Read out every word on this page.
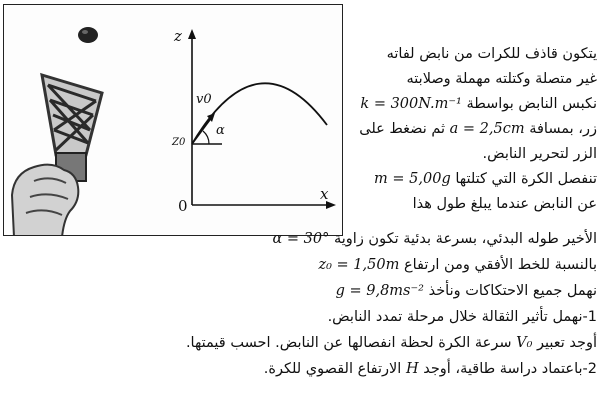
z
x
0
v0
α
Z0
يتكون قاذف للكرات من نابض لفاته
غير متصلة وكتلته مهملة وصلابته
نكبس النابض بواسطة k = 300N.m⁻¹
زر، بمسافة a = 2,5cm ثم نضغط على
الزر لتحرير النابض.
تنفصل الكرة التي كتلتها m = 5,00g
عن النابض عندما يبلغ طول هذا
الأخير طوله البدئي، بسرعة بدئية تكون زاوية α = 30°
بالنسبة للخط الأفقي ومن ارتفاع z₀ = 1,50m
نهمل جميع الاحتكاكات ونأخذ g = 9,8ms⁻²
1-نهمل تأثير الثقالة خلال مرحلة تمدد النابض.
أوجد تعبير V₀ سرعة الكرة لحظة انفصالها عن النابض. احسب قيمتها.
2-باعتماد دراسة طاقية، أوجد H الارتفاع القصوي للكرة.
